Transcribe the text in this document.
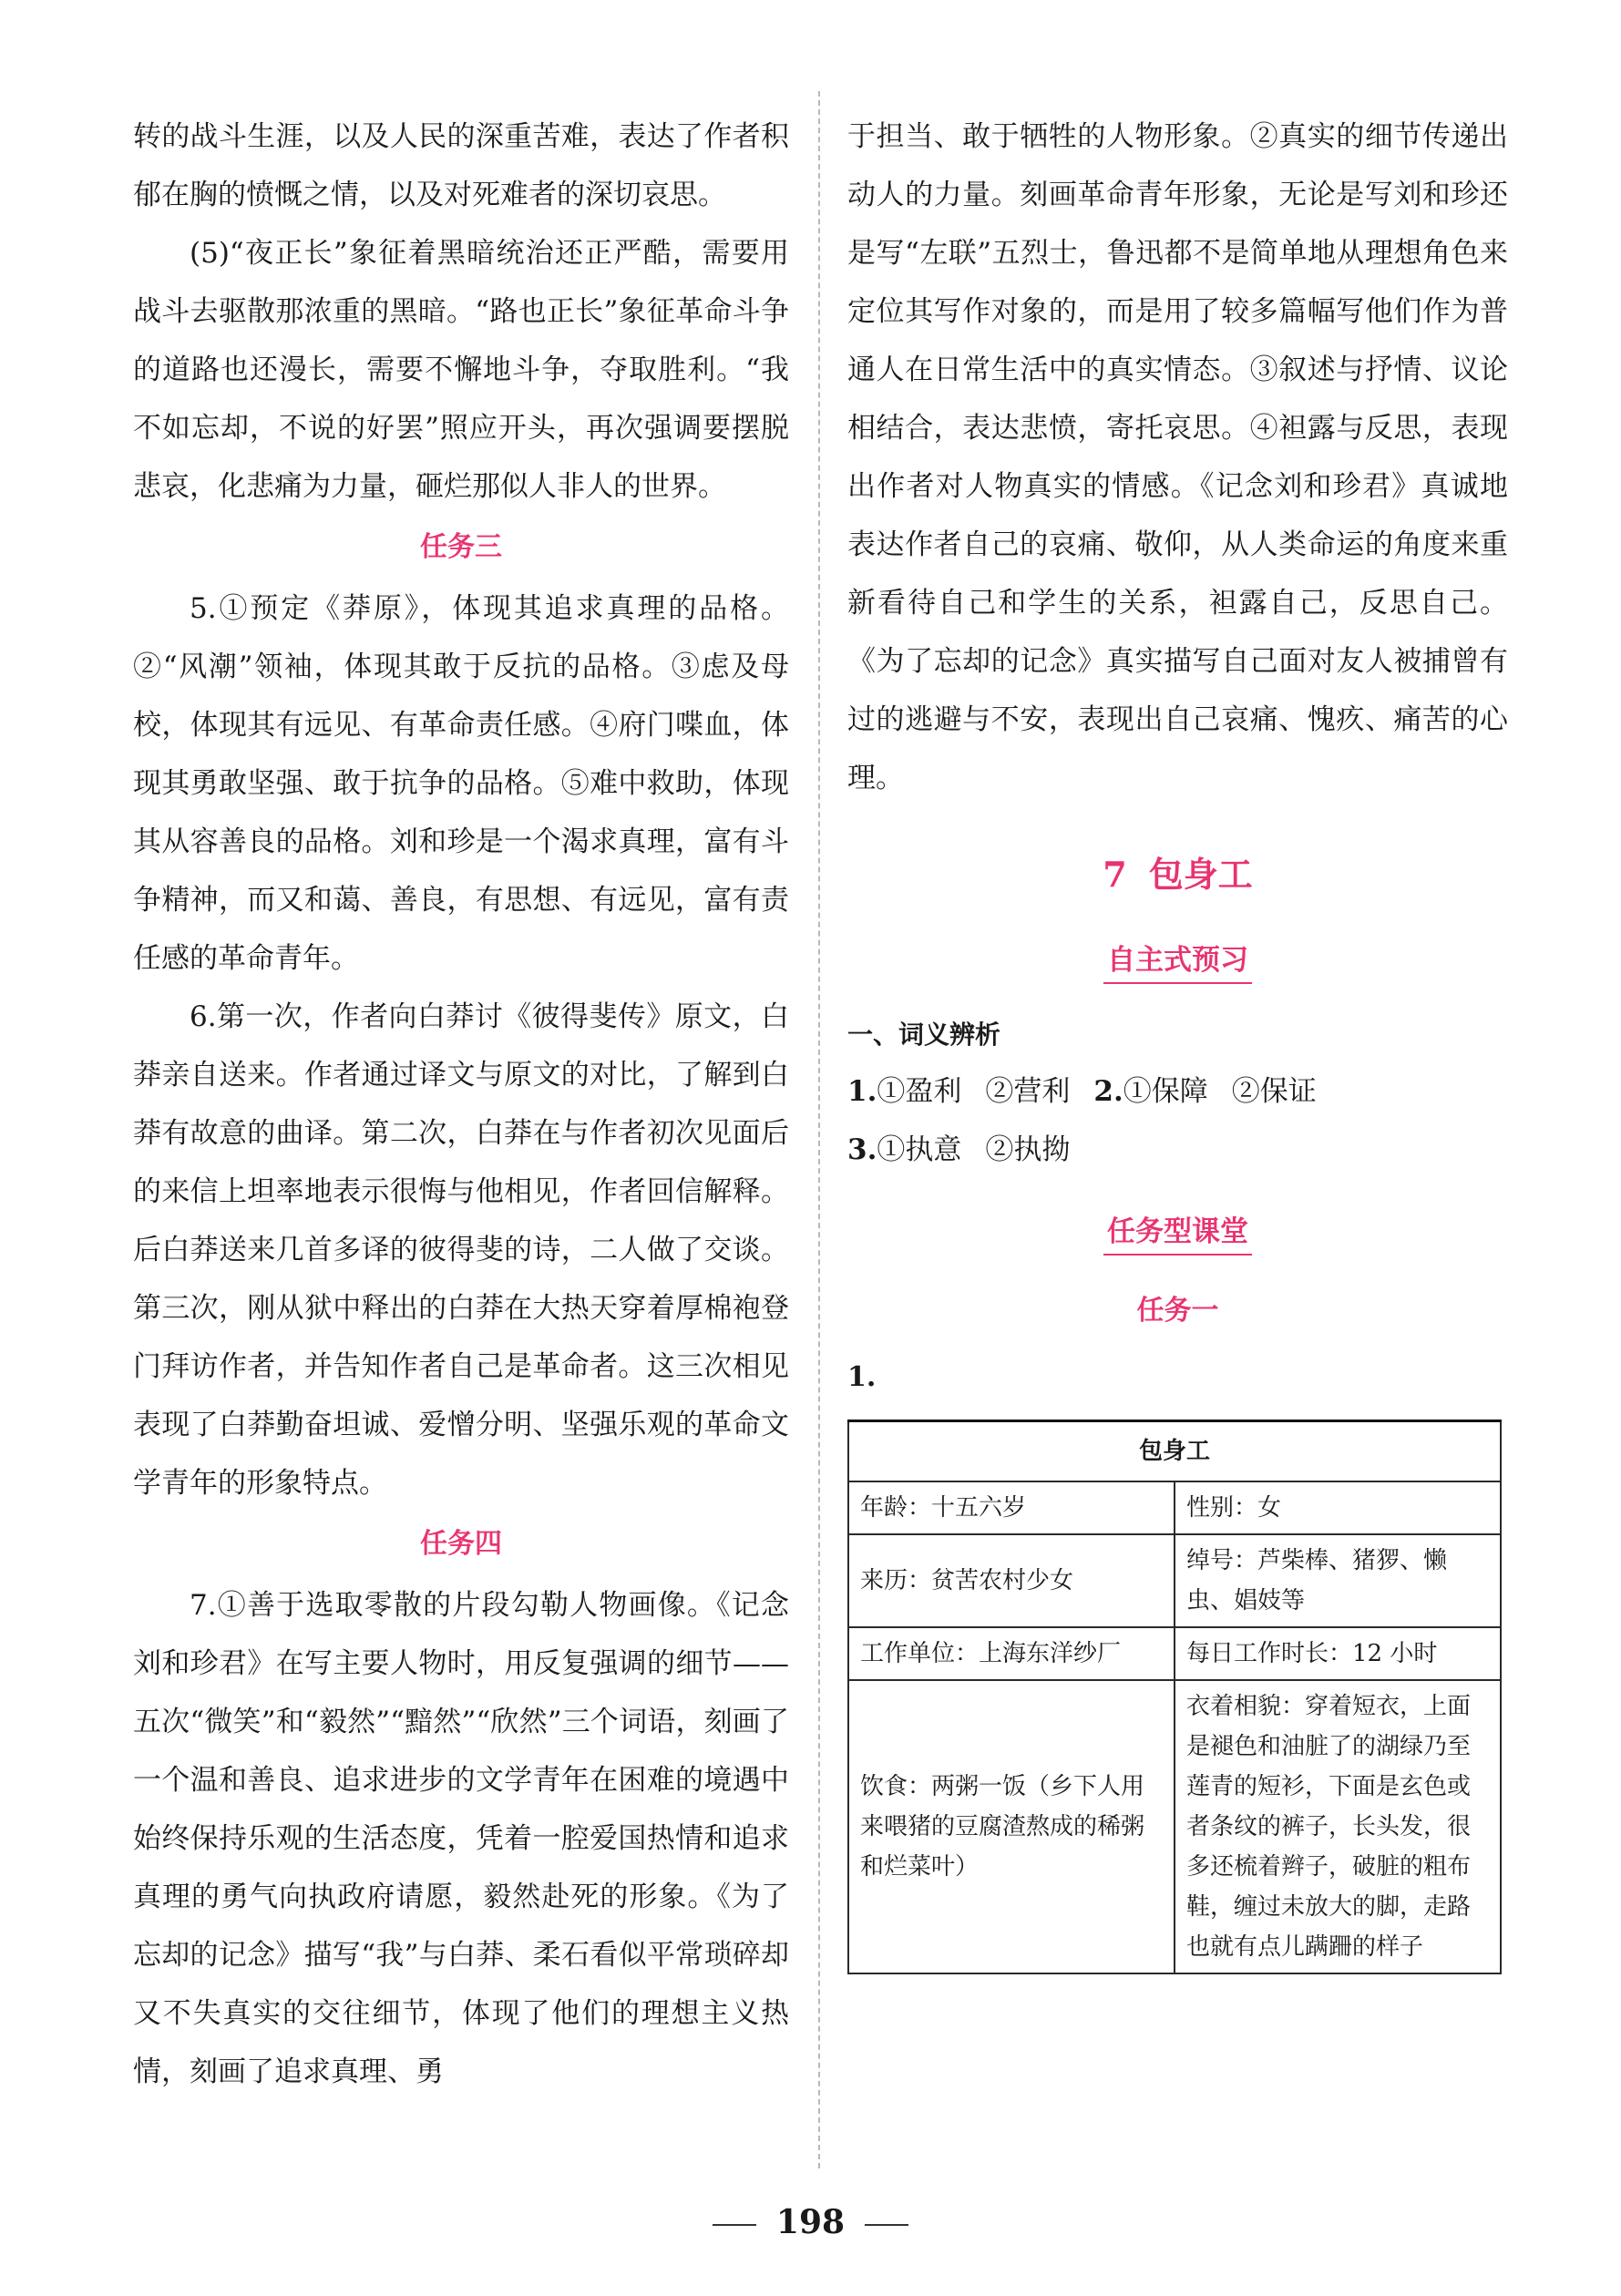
转的战斗生涯，以及人民的深重苦难，表达了作者积郁在胸的愤慨之情，以及对死难者的深切哀思。

(5)“夜正长”象征着黑暗统治还正严酷，需要用战斗去驱散那浓重的黑暗。“路也正长”象征革命斗争的道路也还漫长，需要不懈地斗争，夺取胜利。“我不如忘却，不说的好罢”照应开头，再次强调要摆脱悲哀，化悲痛为力量，砸烂那似人非人的世界。

任务三

5.①预定《莽原》，体现其追求真理的品格。②“风潮”领袖，体现其敢于反抗的品格。③虑及母校，体现其有远见、有革命责任感。④府门喋血，体现其勇敢坚强、敢于抗争的品格。⑤难中救助，体现其从容善良的品格。刘和珍是一个渴求真理，富有斗争精神，而又和蔼、善良，有思想、有远见，富有责任感的革命青年。

6.第一次，作者向白莽讨《彼得斐传》原文，白莽亲自送来。作者通过译文与原文的对比，了解到白莽有故意的曲译。第二次，白莽在与作者初次见面后的来信上坦率地表示很悔与他相见，作者回信解释。后白莽送来几首多译的彼得斐的诗，二人做了交谈。第三次，刚从狱中释出的白莽在大热天穿着厚棉袍登门拜访作者，并告知作者自己是革命者。这三次相见表现了白莽勤奋坦诚、爱憎分明、坚强乐观的革命文学青年的形象特点。

任务四

7.①善于选取零散的片段勾勒人物画像。《记念刘和珍君》在写主要人物时，用反复强调的细节——五次“微笑”和“毅然”“黯然”“欣然”三个词语，刻画了一个温和善良、追求进步的文学青年在困难的境遇中始终保持乐观的生活态度，凭着一腔爱国热情和追求真理的勇气向执政府请愿，毅然赴死的形象。《为了忘却的记念》描写“我”与白莽、柔石看似平常琐碎却又不失真实的交往细节，体现了他们的理想主义热情，刻画了追求真理、勇

于担当、敢于牺牲的人物形象。②真实的细节传递出动人的力量。刻画革命青年形象，无论是写刘和珍还是写“左联”五烈士，鲁迅都不是简单地从理想角色来定位其写作对象的，而是用了较多篇幅写他们作为普通人在日常生活中的真实情态。③叙述与抒情、议论相结合，表达悲愤，寄托哀思。④袒露与反思，表现出作者对人物真实的情感。《记念刘和珍君》真诚地表达作者自己的哀痛、敬仰，从人类命运的角度来重新看待自己和学生的关系，袒露自己，反思自己。《为了忘却的记念》真实描写自己面对友人被捕曾有过的逃避与不安，表现出自己哀痛、愧疚、痛苦的心理。

7 包身工
自主式预习
一、词义辨析
1.①盈利 ②营利 2.①保障 ②保证
3.①执意 ②执拗
任务型课堂
任务一
1.
包身工	
年龄：十五六岁	性别：女
来历：贫苦农村少女	绰号：芦柴棒、猪猡、懒虫、娼妓等
工作单位：上海东洋纱厂	每日工作时长：12 小时
饮食：两粥一饭（乡下人用来喂猪的豆腐渣熬成的稀粥和烂菜叶）	衣着相貌：穿着短衣，上面是褪色和油脏了的湖绿乃至莲青的短衫，下面是玄色或者条纹的裤子，长头发，很多还梳着辫子，破脏的粗布鞋，缠过未放大的脚，走路也就有点儿蹒跚的样子
198
